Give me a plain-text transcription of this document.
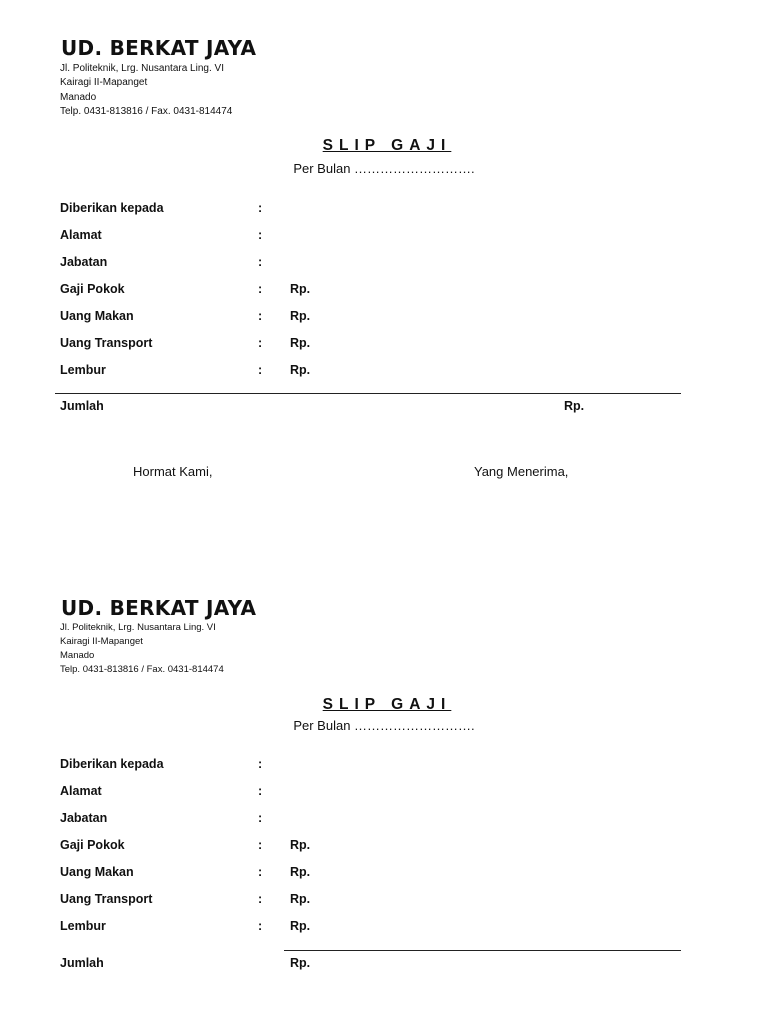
UD. BERKAT JAYA
Jl. Politeknik, Lrg. Nusantara Ling. VI
Kairagi II-Mapanget
Manado
Telp. 0431-813816 / Fax. 0431-814474
SLIP GAJI
Per Bulan ……………………….
Diberikan kepada	:
Alamat	:
Jabatan	:
Gaji Pokok	: Rp.
Uang Makan	: Rp.
Uang Transport	: Rp.
Lembur	: Rp.
Jumlah	Rp.
Hormat Kami,	Yang Menerima,
UD. BERKAT JAYA
Jl. Politeknik, Lrg. Nusantara Ling. VI
Kairagi II-Mapanget
Manado
Telp. 0431-813816 / Fax. 0431-814474
SLIP GAJI
Per Bulan ……………………….
Diberikan kepada	:
Alamat	:
Jabatan	:
Gaji Pokok	: Rp.
Uang Makan	: Rp.
Uang Transport	: Rp.
Lembur	: Rp.
Jumlah	Rp.
